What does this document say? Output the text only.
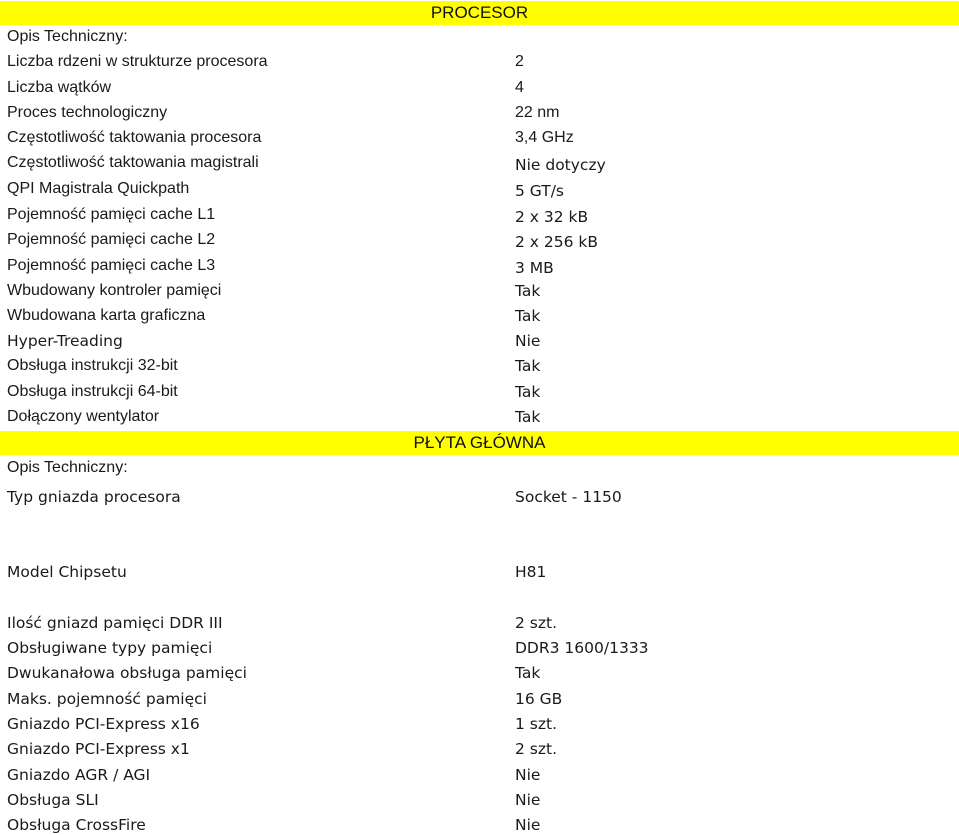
PROCESOR
Opis Techniczny:
PŁYTA GŁÓWNA
Opis Techniczny:
Liczba rdzeni w strukturze procesora	2
Liczba wątków	4
Proces technologiczny	22 nm
Częstotliwość taktowania procesora	3,4 GHz
Częstotliwość taktowania magistrali	Nie dotyczy
QPI Magistrala Quickpath	5 GT/s
Pojemność pamięci cache L1	2 x 32 kB
Pojemność pamięci cache L2	2 x 256 kB
Pojemność pamięci cache L3	3 MB
Wbudowany kontroler pamięci	Tak
Wbudowana karta graficzna	Tak
Hyper-Treading	Nie
Obsługa instrukcji 32-bit	Tak
Obsługa instrukcji 64-bit	Tak
Dołączony wentylator	Tak
Typ gniazda procesora	Socket - 1150
Model Chipsetu	H81
Ilość gniazd pamięci DDR III	2 szt.
Obsługiwane typy pamięci	DDR3 1600/1333
Dwukanałowa obsługa pamięci	Tak
Maks. pojemność pamięci	16 GB
Gniazdo PCI-Express x16	1 szt.
Gniazdo PCI-Express x1	2 szt.
Gniazdo AGR / AGI	Nie
Obsługa SLI	Nie
Obsługa CrossFire	Nie
